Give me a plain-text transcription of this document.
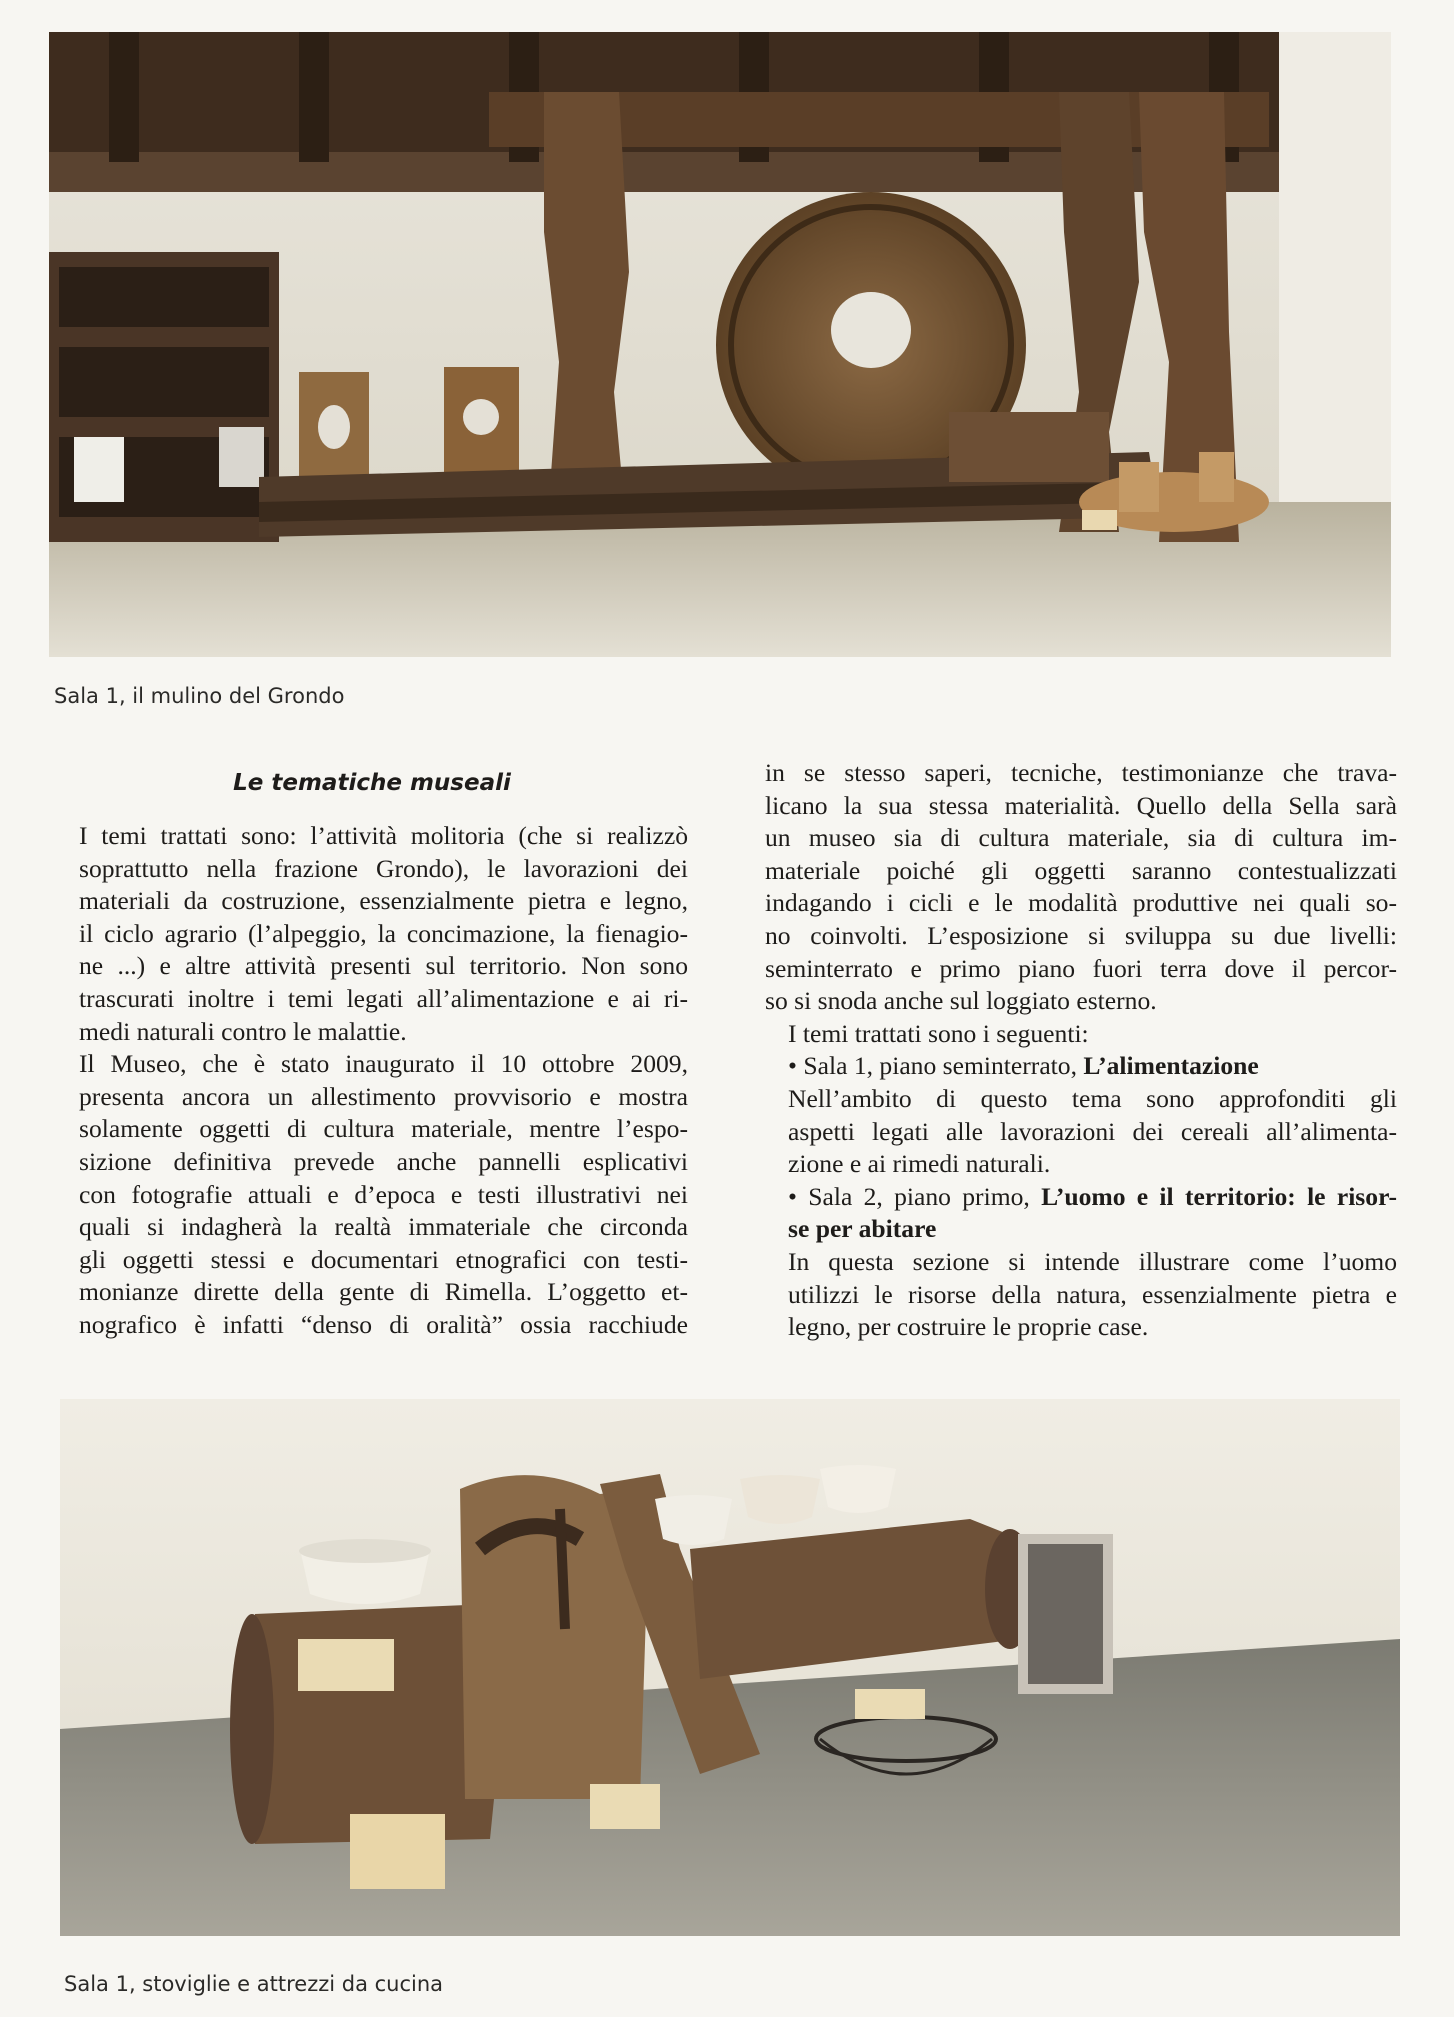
Sala 1, il mulino del Grondo
Le tematiche museali

I temi trattati sono: l’attività molitoria (che si realizzò
soprattutto nella frazione Grondo), le lavorazioni dei
materiali da costruzione, essenzialmente pietra e legno,
il ciclo agrario (l’alpeggio, la concimazione, la fienagio-
ne ...) e altre attività presenti sul territorio. Non sono
trascurati inoltre i temi legati all’alimentazione e ai ri-
medi naturali contro le malattie.

Il Museo, che è stato inaugurato il 10 ottobre 2009,
presenta ancora un allestimento provvisorio e mostra
solamente oggetti di cultura materiale, mentre l’espo-
sizione definitiva prevede anche pannelli esplicativi
con fotografie attuali e d’epoca e testi illustrativi nei
quali si indagherà la realtà immateriale che circonda
gli oggetti stessi e documentari etnografici con testi-
monianze dirette della gente di Rimella. L’oggetto et-
nografico è infatti “denso di oralità” ossia racchiude

in se stesso saperi, tecniche, testimonianze che trava-
licano la sua stessa materialità. Quello della Sella sarà
un museo sia di cultura materiale, sia di cultura im-
materiale poiché gli oggetti saranno contestualizzati
indagando i cicli e le modalità produttive nei quali so-
no coinvolti. L’esposizione si sviluppa su due livelli:
seminterrato e primo piano fuori terra dove il percor-
so si snoda anche sul loggiato esterno.

I temi trattati sono i seguenti:

• Sala 1, piano seminterrato, L’alimentazione

Nell’ambito di questo tema sono approfonditi gli
aspetti legati alle lavorazioni dei cereali all’alimenta-
zione e ai rimedi naturali.

• Sala 2, piano primo, L’uomo e il territorio: le risor-
se per abitare

In questa sezione si intende illustrare come l’uomo
utilizzi le risorse della natura, essenzialmente pietra e
legno, per costruire le proprie case.

Sala 1, stoviglie e attrezzi da cucina
